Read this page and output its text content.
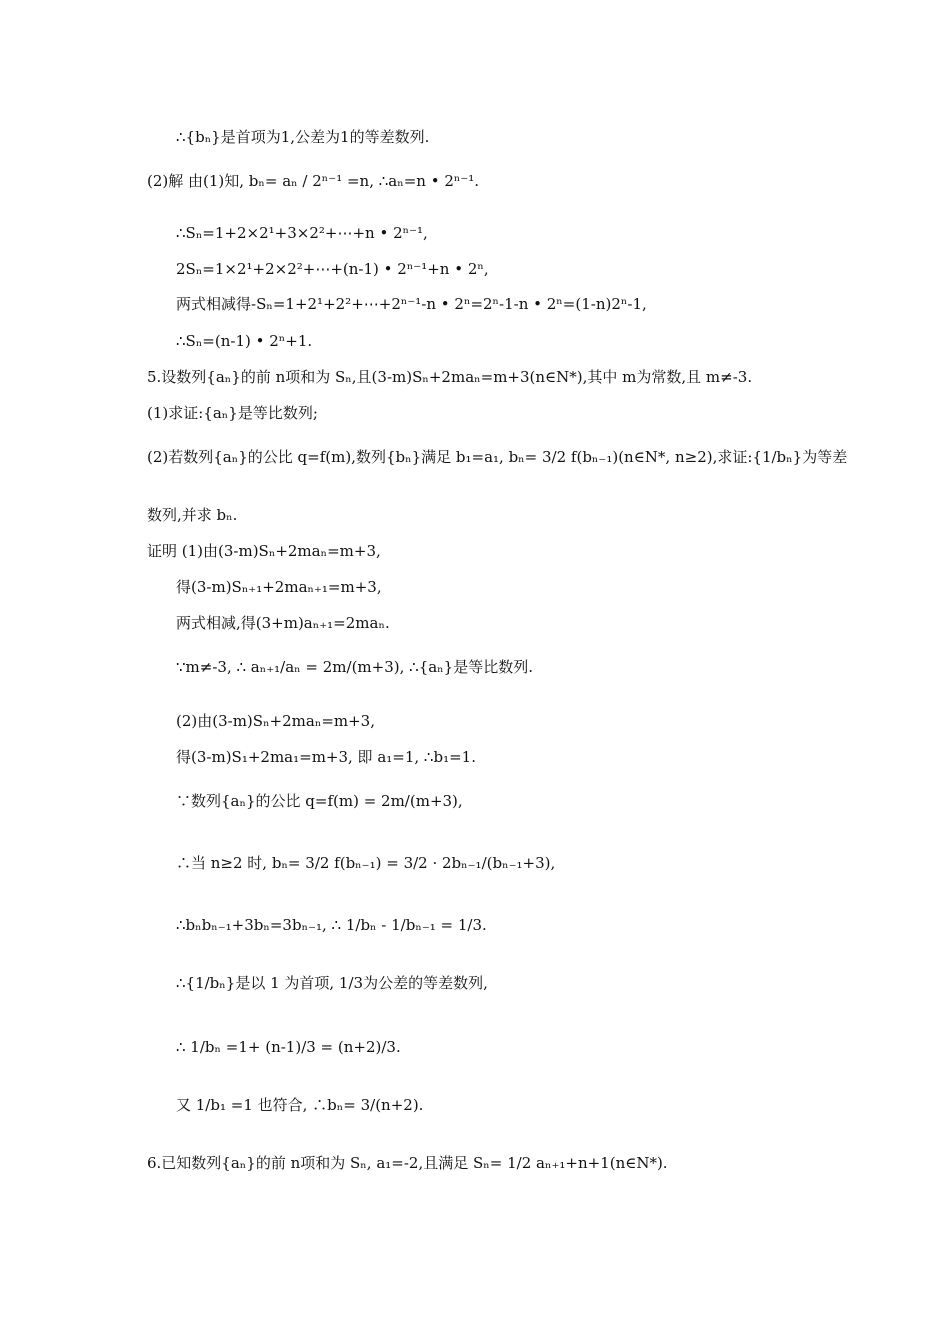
∴{bₙ}是首项为1,公差为1的等差数列.
(2)解 由(1)知, bₙ= aₙ / 2ⁿ⁻¹ =n, ∴aₙ=n • 2ⁿ⁻¹.
∴Sₙ=1+2×2¹+3×2²+⋯+n • 2ⁿ⁻¹,
2Sₙ=1×2¹+2×2²+⋯+(n-1) • 2ⁿ⁻¹+n • 2ⁿ,
两式相减得-Sₙ=1+2¹+2²+⋯+2ⁿ⁻¹-n • 2ⁿ=2ⁿ-1-n • 2ⁿ=(1-n)2ⁿ-1,
∴Sₙ=(n-1) • 2ⁿ+1.
5.设数列{aₙ}的前 n项和为 Sₙ,且(3-m)Sₙ+2maₙ=m+3(n∈N*),其中 m为常数,且 m≠-3.
(1)求证:{aₙ}是等比数列;
(2)若数列{aₙ}的公比 q=f(m),数列{bₙ}满足 b₁=a₁, bₙ= 3/2 f(bₙ₋₁)(n∈N*, n≥2),求证:{1/bₙ}为等差
数列,并求 bₙ.
证明 (1)由(3-m)Sₙ+2maₙ=m+3,
得(3-m)Sₙ₊₁+2maₙ₊₁=m+3,
两式相减,得(3+m)aₙ₊₁=2maₙ.
∵m≠-3, ∴ aₙ₊₁/aₙ = 2m/(m+3), ∴{aₙ}是等比数列.
(2)由(3-m)Sₙ+2maₙ=m+3,
得(3-m)S₁+2ma₁=m+3, 即 a₁=1, ∴b₁=1.
∵数列{aₙ}的公比 q=f(m) = 2m/(m+3),
∴当 n≥2 时, bₙ= 3/2 f(bₙ₋₁) = 3/2 · 2bₙ₋₁/(bₙ₋₁+3),
∴bₙbₙ₋₁+3bₙ=3bₙ₋₁, ∴ 1/bₙ - 1/bₙ₋₁ = 1/3.
∴{1/bₙ}是以 1 为首项, 1/3为公差的等差数列,
∴ 1/bₙ =1+ (n-1)/3 = (n+2)/3.
又 1/b₁ =1 也符合, ∴bₙ= 3/(n+2).
6.已知数列{aₙ}的前 n项和为 Sₙ, a₁=-2,且满足 Sₙ= 1/2 aₙ₊₁+n+1(n∈N*).
